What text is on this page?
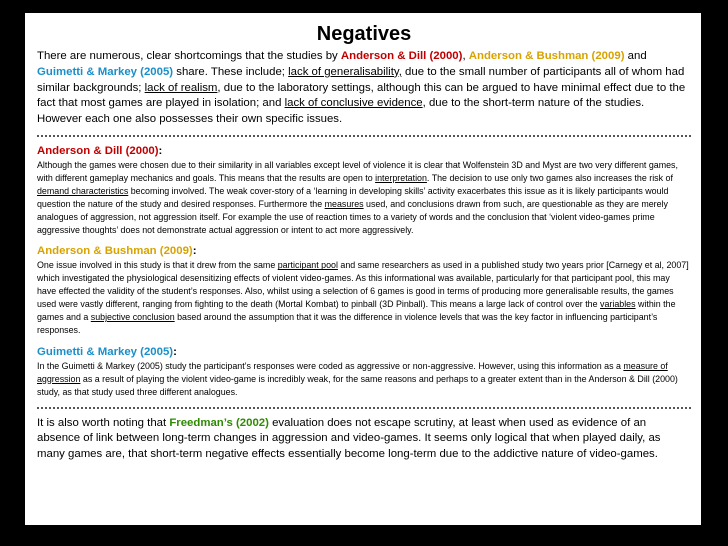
Negatives

There are numerous, clear shortcomings that the studies by Anderson & Dill (2000), Anderson & Bushman (2009) and Guimetti & Markey (2005) share. These include; lack of generalisability, due to the small number of participants all of whom had similar backgrounds; lack of realism, due to the laboratory settings, although this can be argued to have minimal effect due to the fact that most games are played in isolation; and lack of conclusive evidence, due to the short-term nature of the studies. However each one also possesses their own specific issues.

Anderson & Dill (2000):

Although the games were chosen due to their similarity in all variables except level of violence it is clear that Wolfenstein 3D and Myst are two very different games, with different gameplay mechanics and goals. This means that the results are open to interpretation. The decision to use only two games also increases the risk of demand characteristics becoming involved. The weak cover-story of a ‘learning in developing skills’ activity exacerbates this issue as it is likely participants would question the nature of the study and desired responses. Furthermore the measures used, and conclusions drawn from such, are questionable as they are merely analogues of aggression, not aggression itself. For example the use of reaction times to a variety of words and the conclusion that ‘violent video-games prime aggressive thoughts’ does not demonstrate actual aggression or intent to act more aggressively.

Anderson & Bushman (2009):

One issue involved in this study is that it drew from the same participant pool and same researchers as used in a published study two years prior [Carnegy et al, 2007] which investigated the physiological desensitizing effects of violent video-games. As this informational was available, particularly for that participant pool, this may have effected the validity of the student’s responses. Also, whilst using a selection of 6 games is good in terms of producing more generalisable results, the games used were vastly different, ranging from fighting to the death (Mortal Kombat) to pinball (3D Pinball). This means a large lack of control over the variables within the games and a subjective conclusion based around the assumption that it was the difference in violence levels that was the key factor in influencing participant’s responses.

Guimetti & Markey (2005):

In the Guimetti & Markey (2005) study the participant’s responses were coded as aggressive or non-aggressive. However, using this information as a measure of aggression as a result of playing the violent video-game is incredibly weak, for the same reasons and perhaps to a greater extent than in the Anderson & Dill (2000) study, as that study used three different analogues.

It is also worth noting that Freedman’s (2002) evaluation does not escape scrutiny, at least when used as evidence of an absence of link between long-term changes in aggression and video-games. It seems only logical that when played daily, as many games are, that short-term negative effects essentially become long-term due to the addictive nature of video-games.
